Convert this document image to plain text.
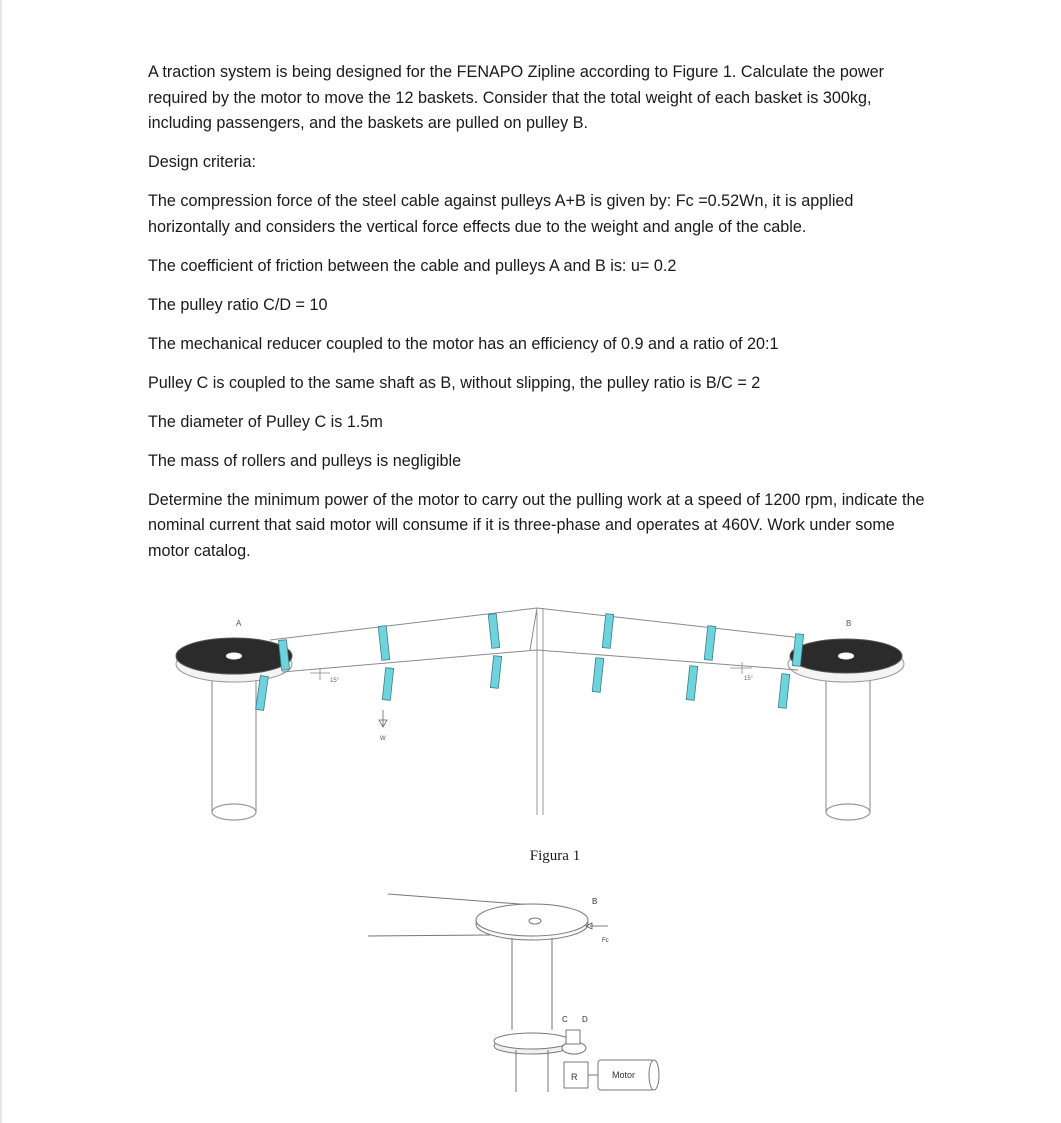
A traction system is being designed for the FENAPO Zipline according to Figure 1. Calculate the power required by the motor to move the 12 baskets. Consider that the total weight of each basket is 300kg, including passengers, and the baskets are pulled on pulley B.

Design criteria:

The compression force of the steel cable against pulleys A+B is given by: Fc =0.52Wn, it is applied horizontally and considers the vertical force effects due to the weight and angle of the cable.

The coefficient of friction between the cable and pulleys A and B is: u= 0.2

The pulley ratio C/D = 10

The mechanical reducer coupled to the motor has an efficiency of 0.9 and a ratio of 20:1

Pulley C is coupled to the same shaft as B, without slipping, the pulley ratio is B/C = 2

The diameter of Pulley C is 1.5m

The mass of rollers and pulleys is negligible

Determine the minimum power of the motor to carry out the pulling work at a speed of 1200 rpm, indicate the nominal current that said motor will consume if it is three-phase and operates at 460V. Work under some motor catalog.

A	B
15°	15°
W
Figura 1
B
Fc
C D
R	Motor
